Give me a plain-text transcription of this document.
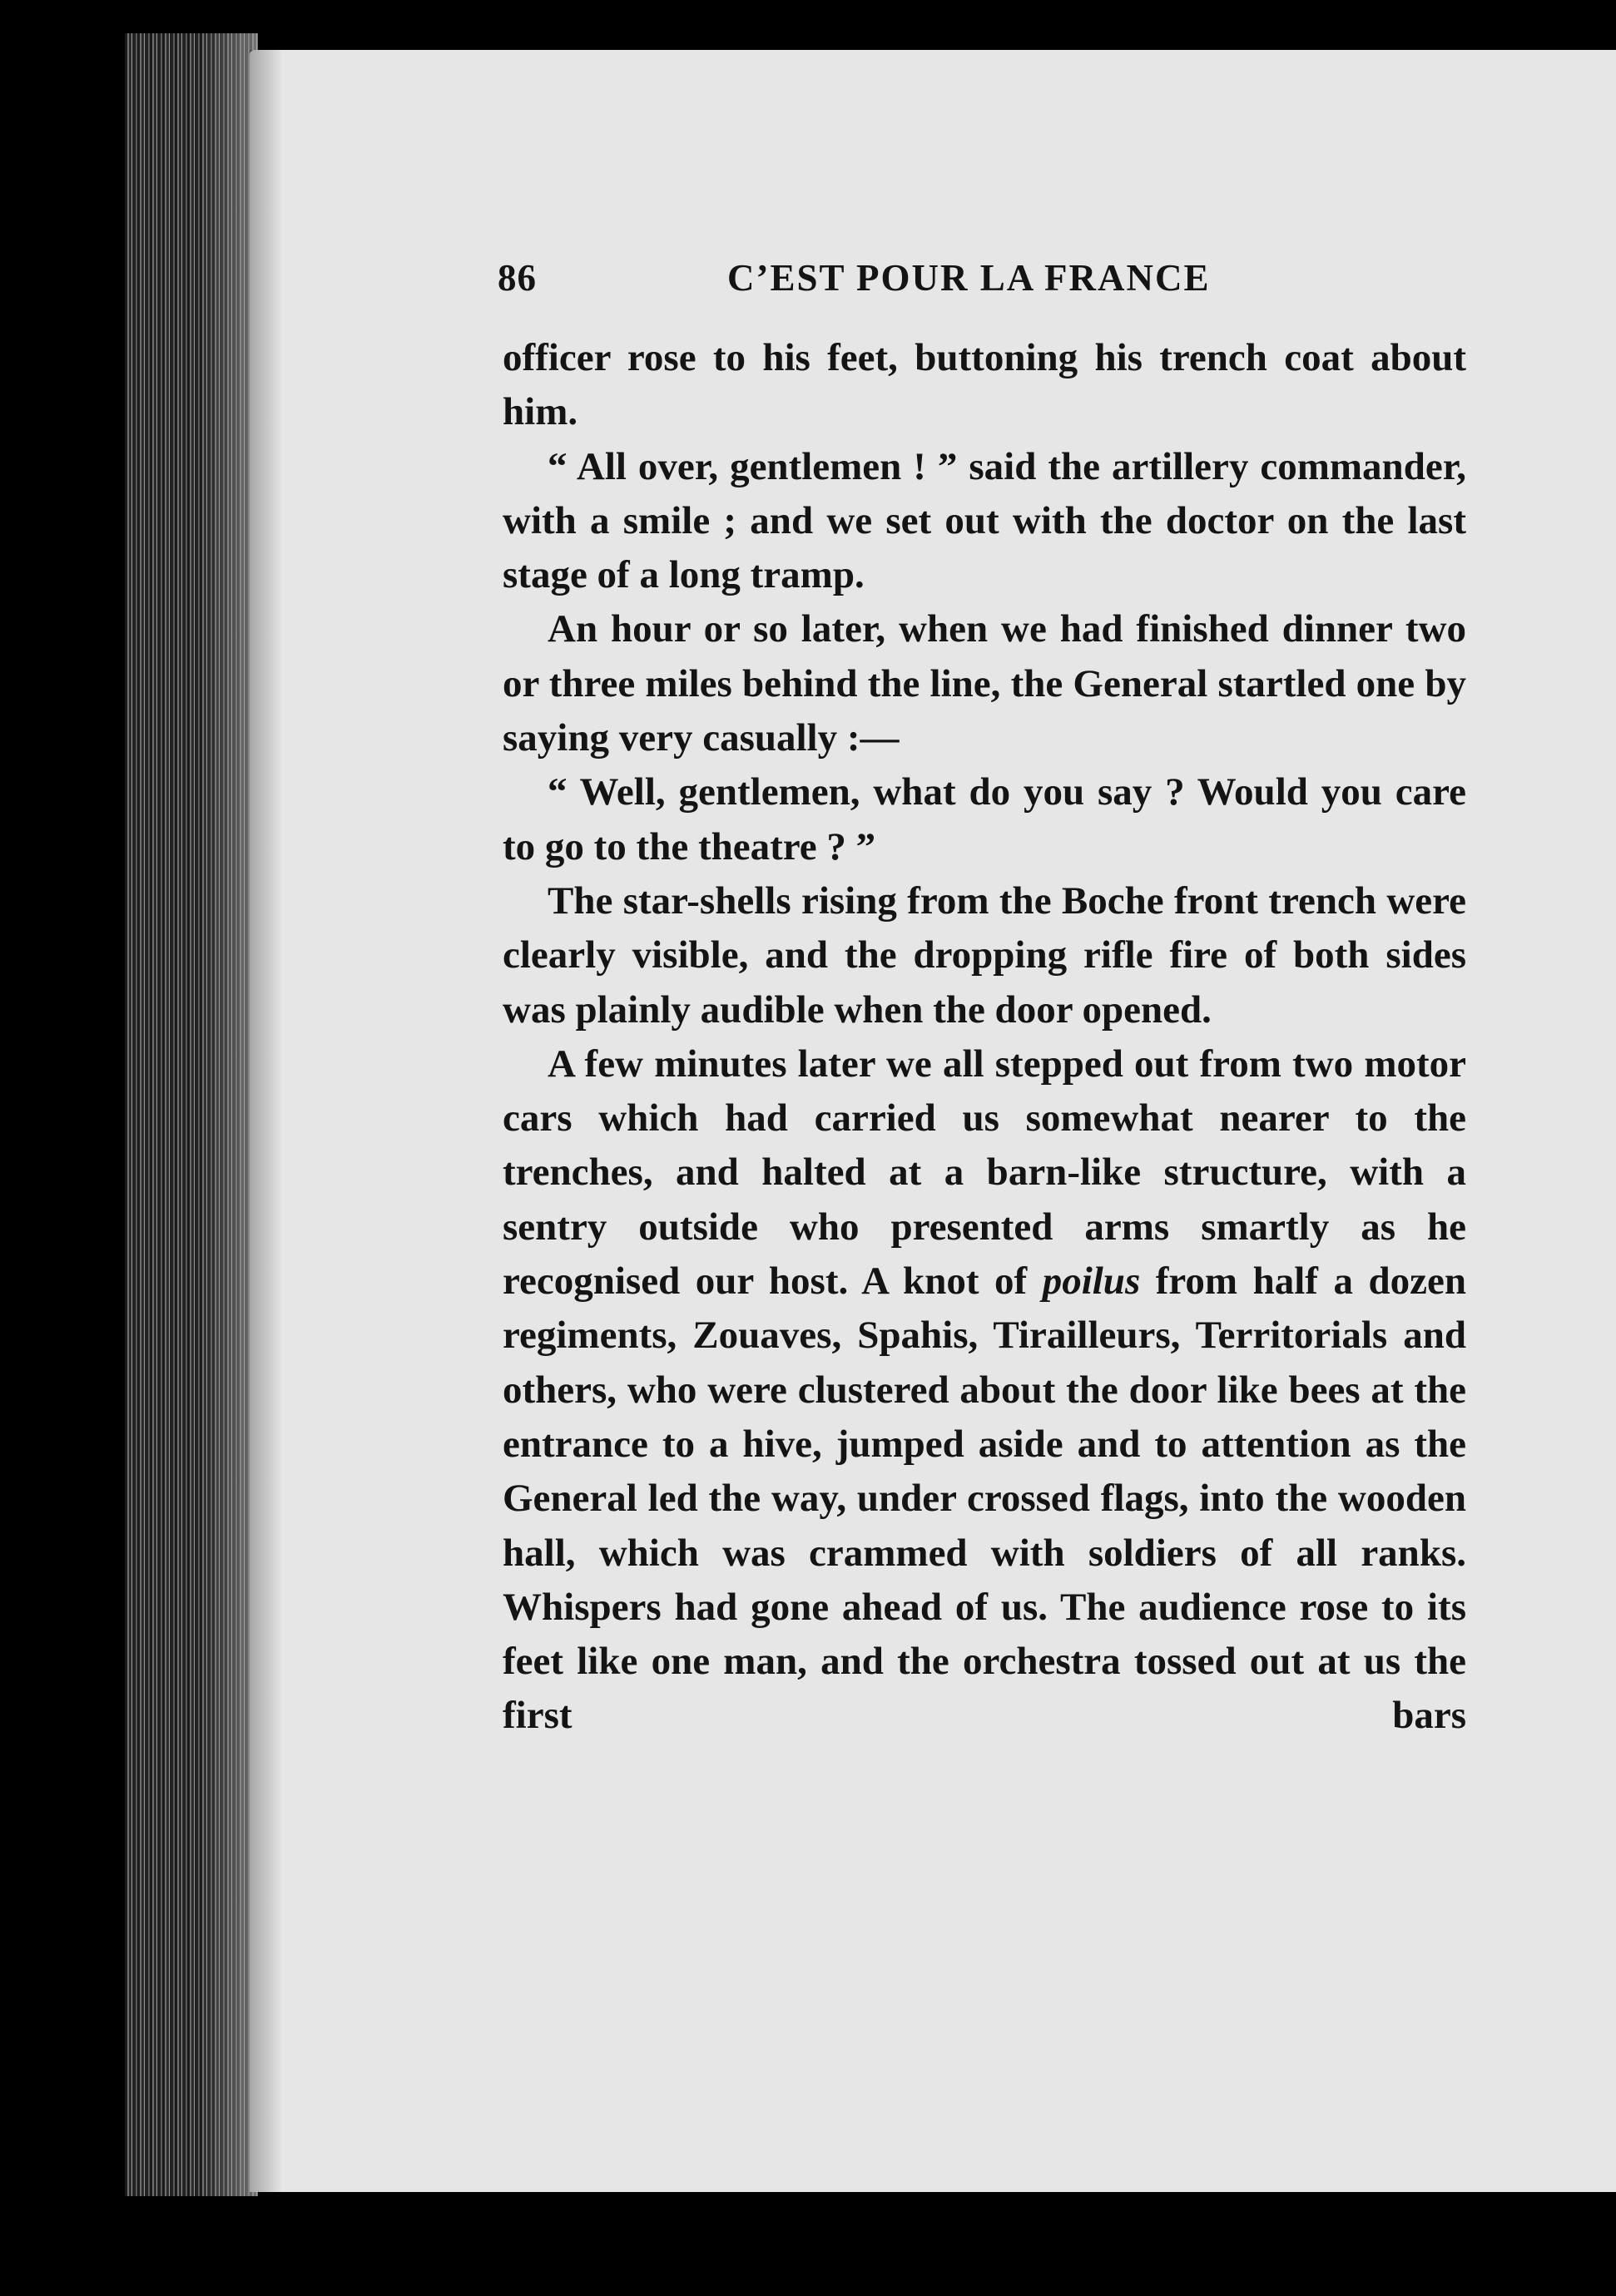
86	C’EST POUR LA FRANCE

officer rose to his feet, buttoning his trench coat about him.

“ All over, gentlemen ! ” said the artillery commander, with a smile ; and we set out with the doctor on the last stage of a long tramp.

An hour or so later, when we had finished dinner two or three miles behind the line, the General startled one by saying very casually :—

“ Well, gentlemen, what do you say ? Would you care to go to the theatre ? ”

The star-shells rising from the Boche front trench were clearly visible, and the dropping rifle fire of both sides was plainly audible when the door opened.

A few minutes later we all stepped out from two motor cars which had carried us somewhat nearer to the trenches, and halted at a barn-like structure, with a sentry outside who presented arms smartly as he recognised our host. A knot of poilus from half a dozen regiments, Zouaves, Spahis, Tirailleurs, Territorials and others, who were clustered about the door like bees at the entrance to a hive, jumped aside and to attention as the General led the way, under crossed flags, into the wooden hall, which was crammed with soldiers of all ranks. Whispers had gone ahead of us. The audience rose to its feet like one man, and the orchestra tossed out at us the first bars
